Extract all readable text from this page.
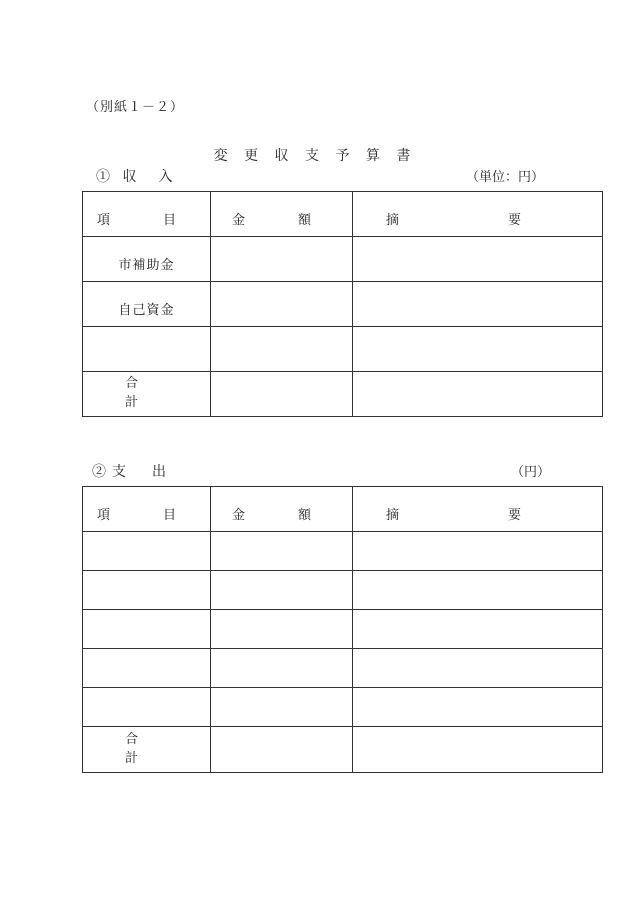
（別紙１－２）
変 更 収 支 予 算 書
① 収　入	（単位：円）
項　目	金　額	摘　要
市補助金		
自己資金		

合　計		
②支　出	（円）
項　目	金　額	摘　要

合　計		
